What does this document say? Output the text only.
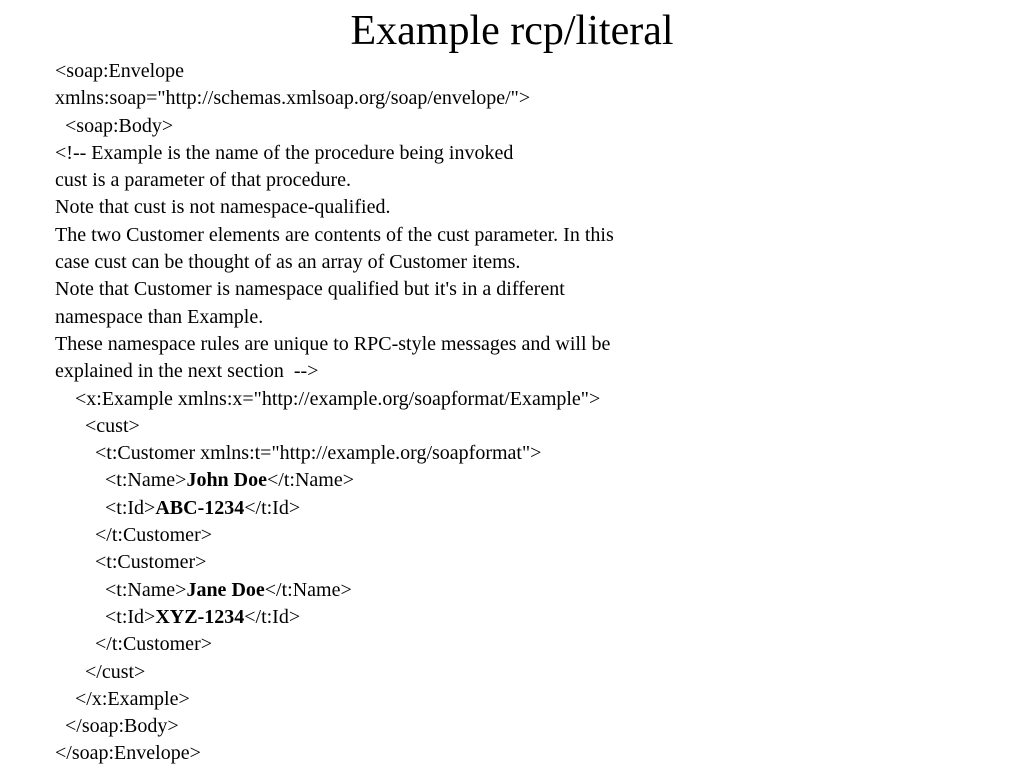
Example rcp/literal
<soap:Envelope
xmlns:soap="http://schemas.xmlsoap.org/soap/envelope/">
<soap:Body>
<!-- Example is the name of the procedure being invoked
cust is a parameter of that procedure.
Note that cust is not namespace-qualified.
The two Customer elements are contents of the cust parameter. In this
case cust can be thought of as an array of Customer items.
Note that Customer is namespace qualified but it's in a different
namespace than Example.
These namespace rules are unique to RPC-style messages and will be
explained in the next section  -->
<x:Example xmlns:x="http://example.org/soapformat/Example">
<cust>
<t:Customer xmlns:t="http://example.org/soapformat">
<t:Name>John Doe</t:Name>
<t:Id>ABC-1234</t:Id>
</t:Customer>
<t:Customer>
<t:Name>Jane Doe</t:Name>
<t:Id>XYZ-1234</t:Id>
</t:Customer>
</cust>
</x:Example>
</soap:Body>
</soap:Envelope>
